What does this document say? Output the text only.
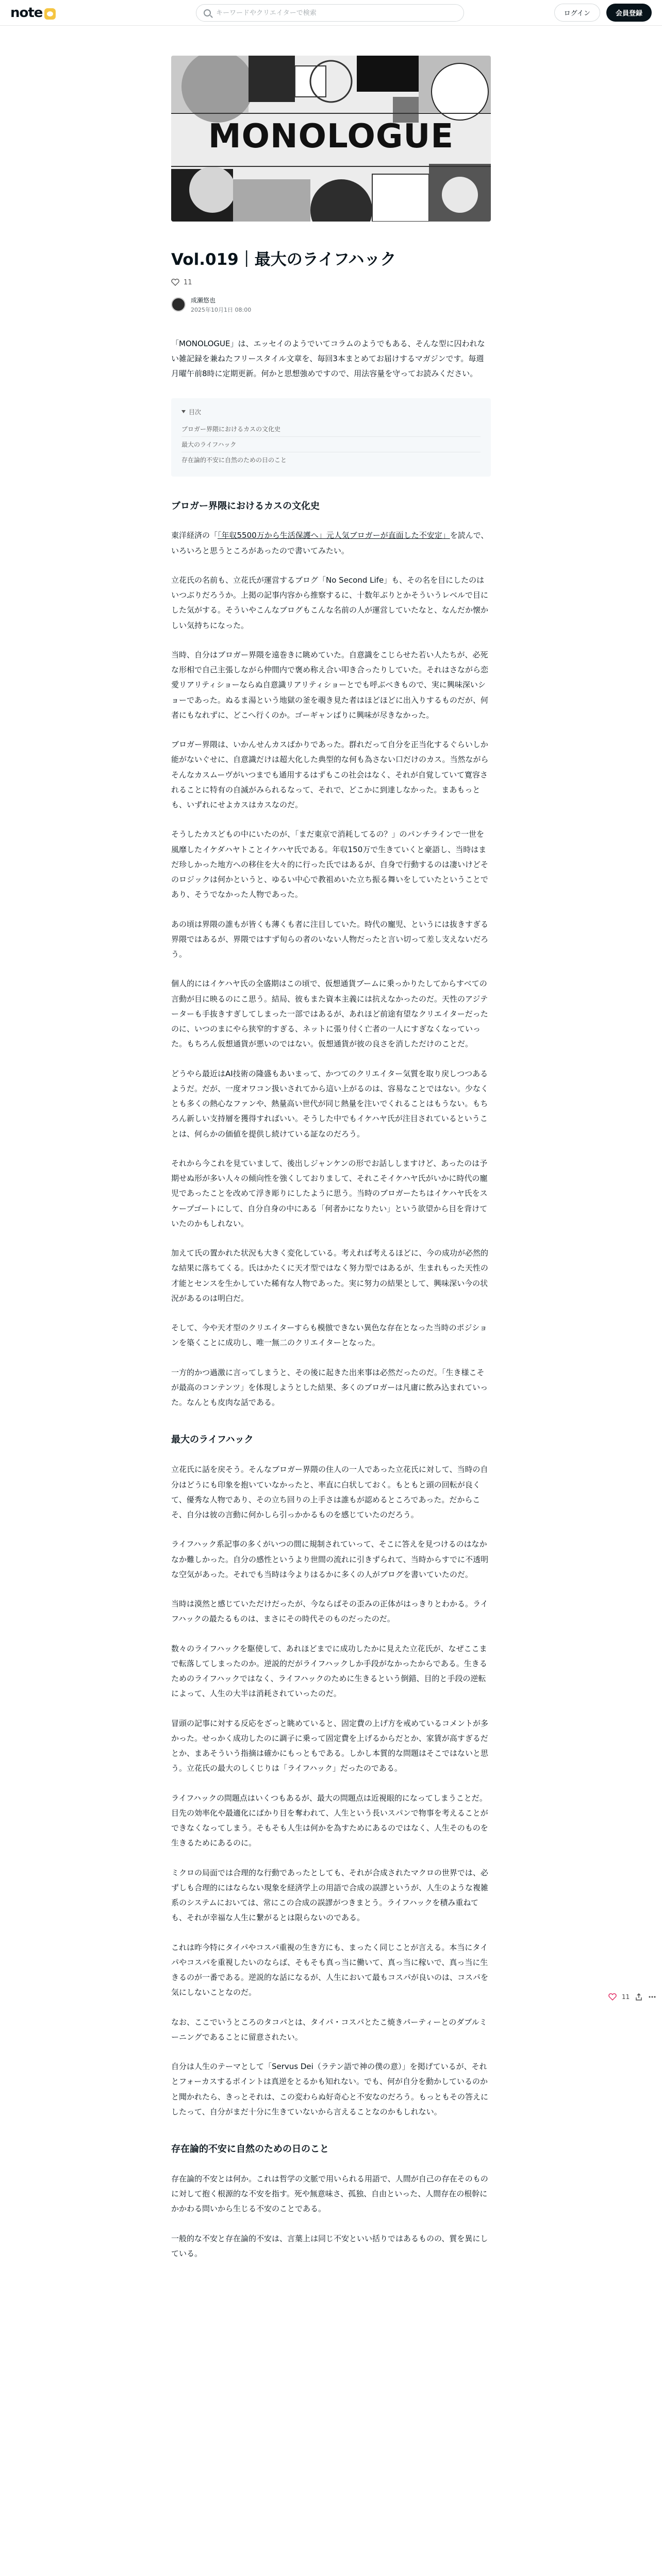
note
キーワードやクリエイターで検索	ログイン	会員登録
MONOLOGUE
Vol.019｜最大のライフハック
11
成瀬悠也
2025年10月1日 08:00

「MONOLOGUE」は、エッセイのようでいてコラムのようでもある、そんな型に囚われない雑記録を兼ねたフリースタイル文章を、毎回3本まとめてお届けするマガジンです。毎週月曜午前8時に定期更新。何かと思想強めですので、用法容量を守ってお読みください。

目次
ブロガー界隈におけるカスの文化史
最大のライフハック
存在論的不安に自然のための日のこと
ブロガー界隈におけるカスの文化史

東洋経済の「「年収5500万から生活保護へ」元人気ブロガーが直面した不安定」を読んで、いろいろと思うところがあったので書いてみたい。

立花氏の名前も、立花氏が運営するブログ「No Second Life」も、その名を目にしたのはいつぶりだろうか。上掲の記事内容から推察するに、十数年ぶりとかそういうレベルで目にした気がする。そういやこんなブログもこんな名前の人が運営していたなと、なんだか懐かしい気持ちになった。

当時、自分はブロガー界隈を遠巻きに眺めていた。自意識をこじらせた若い人たちが、必死な形相で自己主張しながら仲間内で褒め称え合い叩き合ったりしていた。それはさながら恋愛リアリティショーならぬ自意識リアリティショーとでも呼ぶべきもので、実に興味深いショーであった。ぬるま湯という地獄の釜を覗き見た者はほどほどに出入りするものだが、何者にもなれずに、どこへ行くのか。ゴーギャンばりに興味が尽きなかった。

ブロガー界隈は、いかんせんカスばかりであった。群れだって自分を正当化するぐらいしか能がないぐせに、自意識だけは超大化した典型的な何も為さない口だけのカス。当然ながらそんなカスムーヴがいつまでも通用するはずもこの社会はなく、それが自覚していて寛容されることに特有の自滅がみられるなって、それで、どこかに到達しなかった。まあもっとも、いずれにせよカスはカスなのだ。

そうしたカスどもの中にいたのが、「まだ東京で消耗してるの？」のパンチラインで一世を風靡したイケダハヤトことイケハヤ氏である。年収150万で生きていくと豪語し、当時はまだ珍しかった地方への移住を大々的に行った氏ではあるが、自身で行動するのは凄いけどそのロジックは何かというと、ゆるい中心で教祖めいた立ち振る舞いをしていたということであり、そうでなかった人物であった。

あの頃は界隈の誰もが皆くも薄くも者に注目していた。時代の寵児、というには抜きすぎる界隈ではあるが、界隈ではすず旬らの者のいない人物だったと言い切って差し支えないだろう。

個人的にはイケハヤ氏の全盛期はこの頃で、仮想通貨ブームに乗っかりたしてからすべての言動が目に映るのにこ思う。結局、彼もまた資本主義には抗えなかったのだ。天性のアジテーターも手抜きすぎしてしまった一部ではあるが、あれほど前途有望なクリエイターだったのに、いつのまにやら狭窄的すぎる、ネットに張り付く亡者の一人にすぎなくなっていった。もちろん仮想通貨が悪いのではない。仮想通貨が彼の良さを消しただけのことだ。

どうやら最近はAI技術の隆盛もあいまって、かつてのクリエイター気質を取り戻しつつあるようだ。だが、一度オワコン扱いされてから這い上がるのは、容易なことではない。少なくとも多くの熱心なファンや、熱量高い世代が同じ熱量を注いでくれることはもうない。もちろん新しい支持層を獲得すればいい。そうした中でもイケハヤ氏が注目されているということは、何らかの価値を提供し続けている証なのだろう。

それから今これを見ていまして、後出しジャンケンの形でお話ししますけど、あったのは予期せぬ形が多い人々の傾向性を強くしておりまして、それこそイケハヤ氏がいかに時代の寵児であったことを改めて浮き彫りにしたように思う。当時のブロガーたちはイケハヤ氏をスケープゴートにして、自分自身の中にある「何者かになりたい」という欲望から目を背けていたのかもしれない。

加えて氏の置かれた状況も大きく変化している。考えれば考えるほどに、今の成功が必然的な結果に落ちてくる。氏はかたくに天才型ではなく努力型ではあるが、生まれもった天性の才能とセンスを生かしていた稀有な人物であった。実に努力の結果として、興味深い今の状況があるのは明白だ。

そして、今や天才型のクリエイターすらも模倣できない異色な存在となった当時のポジションを築くことに成功し、唯一無二のクリエイターとなった。

一方的かつ過激に言ってしまうと、その後に起きた出来事は必然だったのだ。「生き様こそが最高のコンテンツ」を体現しようとした結果、多くのブロガーは凡庸に飲み込まれていった。なんとも皮肉な話である。

最大のライフハック

立花氏に話を戻そう。そんなブロガー界隈の住人の一人であった立花氏に対して、当時の自分はどうにも印象を抱いていなかったと、率直に白状しておく。もともと頭の回転が良くて、優秀な人物であり、その立ち回りの上手さは誰もが認めるところであった。だからこそ、自分は彼の言動に何かしら引っかかるものを感じていたのだろう。

ライフハック系記事の多くがいつの間に規制されていって、そこに答えを見つけるのはなかなか難しかった。自分の感性というより世間の流れに引きずられて、当時からすでに不透明な空気があった。それでも当時は今よりはるかに多くの人がブログを書いていたのだ。

当時は漠然と感じていただけだったが、今ならばその歪みの正体がはっきりとわかる。ライフハックの最たるものは、まさにその時代そのものだったのだ。

数々のライフハックを駆使して、あれほどまでに成功したかに見えた立花氏が、なぜここまで転落してしまったのか。逆説的だがライフハックしか手段がなかったからである。生きるためのライフハックではなく、ライフハックのために生きるという倒錯、目的と手段の逆転によって、人生の大半は消耗されていったのだ。

冒頭の記事に対する反応をざっと眺めていると、固定費の上げ方を戒めているコメントが多かった。せっかく成功したのに調子に乗って固定費を上げるからだとか、家賃が高すぎるだとか、まあそういう指摘は確かにもっともである。しかし本質的な問題はそこではないと思う。立花氏の最大のしくじりは「ライフハック」だったのである。

ライフハックの問題点はいくつもあるが、最大の問題点は近視眼的になってしまうことだ。目先の効率化や最適化にばかり目を奪われて、人生という長いスパンで物事を考えることができなくなってしまう。そもそも人生は何かを為すためにあるのではなく、人生そのものを生きるためにあるのに。

ミクロの局面では合理的な行動であったとしても、それが合成されたマクロの世界では、必ずしも合理的にはならない現象を経済学上の用語で合成の誤謬というが、人生のような複雑系のシステムにおいては、常にこの合成の誤謬がつきまとう。ライフハックを積み重ねても、それが幸福な人生に繋がるとは限らないのである。

これは昨今特にタイパやコスパ重視の生き方にも、まったく同じことが言える。本当にタイパやコスパを重視したいのならば、そもそも真っ当に働いて、真っ当に稼いで、真っ当に生きるのが一番である。逆説的な話になるが、人生において最もコスパが良いのは、コスパを気にしないことなのだ。

なお、ここでいうところのタコパとは、タイパ・コスパとたこ焼きパーティーとのダブルミーニングであることに留意されたい。

自分は人生のテーマとして「Servus Dei（ラテン語で神の僕の意）」を掲げているが、それとフォーカスするポイントは真逆をとるかも知れない。でも、何が自分を動かしているのかと聞かれたら、きっとそれは、この変わらぬ好奇心と不安なのだろう。もっともその答えにしたって、自分がまだ十分に生きていないから言えることなのかもしれない。

存在論的不安に自然のための日のこと

存在論的不安とは何か。これは哲学の文脈で用いられる用語で、人間が自己の存在そのものに対して抱く根源的な不安を指す。死や無意味さ、孤独、自由といった、人間存在の根幹にかかわる問いから生じる不安のことである。

一般的な不安と存在論的不安は、言葉上は同じ不安といい括りではあるものの、質を異にしている。

11
